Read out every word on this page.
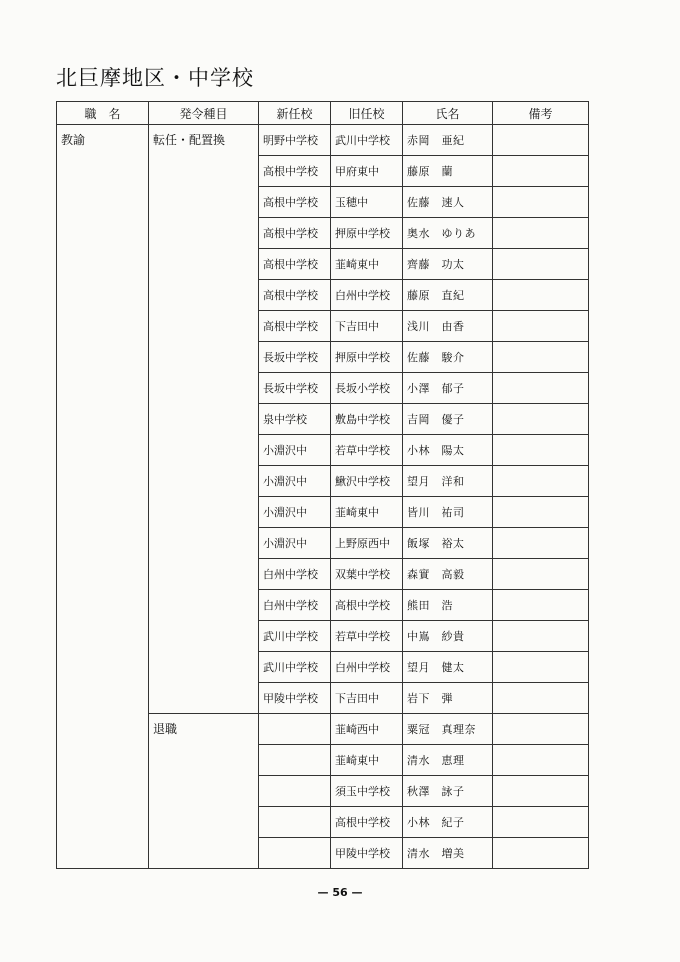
北巨摩地区・中学校
職　名	発令種目	新任校	旧任校	氏名	備考
教諭	転任・配置換	明野中学校	武川中学校	赤岡　亜紀	
		高根中学校	甲府東中	藤原　蘭	
		高根中学校	玉穂中	佐藤　速人	
		高根中学校	押原中学校	奥水　ゆりあ	
		高根中学校	韮崎東中	齊藤　功太	
		高根中学校	白州中学校	藤原　直紀	
		高根中学校	下吉田中	浅川　由香	
		長坂中学校	押原中学校	佐藤　駿介	
		長坂中学校	長坂小学校	小澤　郁子	
		泉中学校	敷島中学校	吉岡　優子	
		小淵沢中	若草中学校	小林　陽太	
		小淵沢中	鰍沢中学校	望月　洋和	
		小淵沢中	韮崎東中	皆川　祐司	
		小淵沢中	上野原西中	飯塚　裕太	
		白州中学校	双葉中学校	森實　高毅	
		白州中学校	高根中学校	熊田　浩	
		武川中学校	若草中学校	中嶌　紗貴	
		武川中学校	白州中学校	望月　健太	
		甲陵中学校	下吉田中	岩下　弾	
	退職		韮崎西中	粟冠　真理奈	
			韮崎東中	清水　恵理	
			須玉中学校	秋澤　詠子	
			高根中学校	小林　紀子	
			甲陵中学校	清水　増美	
— 56 —
